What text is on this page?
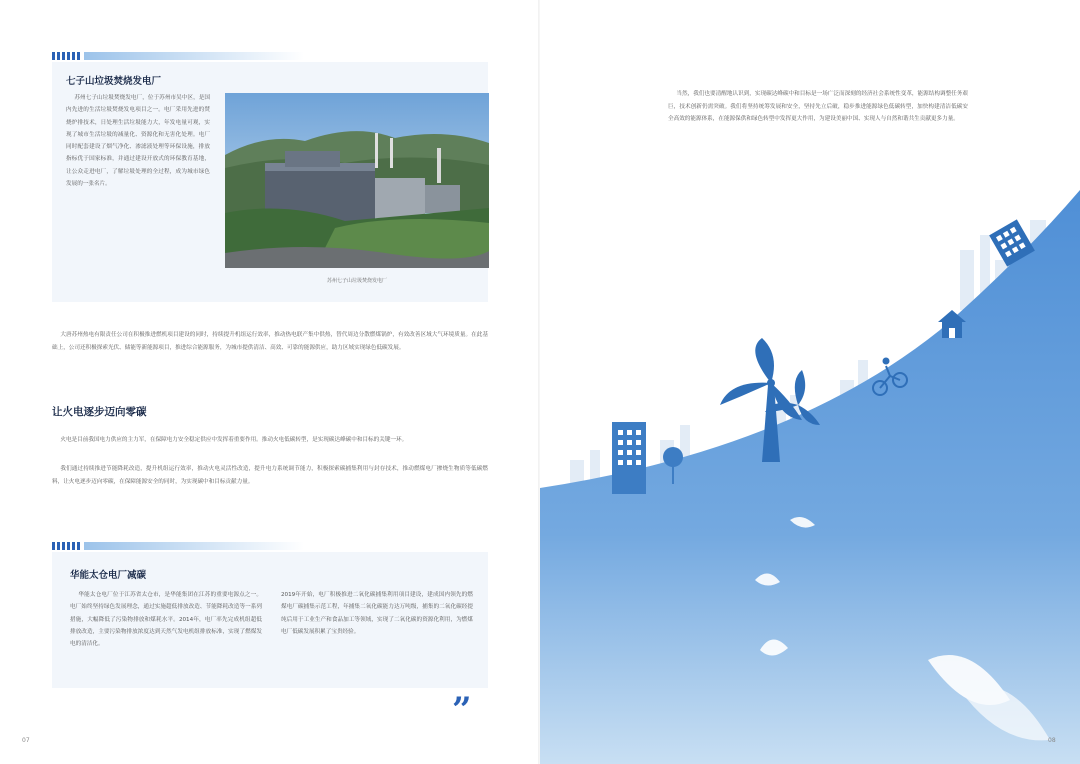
七子山垃圾焚烧发电厂
苏州七子山垃圾焚烧发电厂，位于苏州市吴中区，是国内先进的生活垃圾焚烧发电项目之一。电厂采用先进的焚烧炉排技术，日处理生活垃圾能力大，年发电量可观，实现了城市生活垃圾的减量化、资源化和无害化处理。电厂同时配套建设了烟气净化、渗滤液处理等环保设施，排放指标优于国家标准，并通过建设开放式的环保教育基地，让公众走进电厂，了解垃圾处理的全过程，成为城市绿色发展的一张名片。
苏州七子山垃圾焚烧发电厂
大唐苏州热电有限责任公司在积极推进燃机项目建设的同时，持续提升机组运行效率，推动热电联产集中供热，替代周边分散燃煤锅炉，有效改善区域大气环境质量。在此基础上，公司还积极探索光伏、储能等新能源项目，推进综合能源服务，为城市提供清洁、高效、可靠的能源供应，助力区域实现绿色低碳发展。
让火电逐步迈向零碳
火电是目前我国电力供应的主力军，在保障电力安全稳定供应中发挥着重要作用。推动火电低碳转型，是实现碳达峰碳中和目标的关键一环。
我们通过持续推进节能降耗改造，提升机组运行效率，推动火电灵活性改造，提升电力系统调节能力，积极探索碳捕集利用与封存技术，推动燃煤电厂掺烧生物质等低碳燃料，让火电逐步迈向零碳，在保障能源安全的同时，为实现碳中和目标贡献力量。
华能太仓电厂减碳
华能太仓电厂位于江苏省太仓市，是华能集团在江苏的重要电源点之一。电厂始终坚持绿色发展理念，通过实施超低排放改造、节能降耗改造等一系列措施，大幅降低了污染物排放和煤耗水平。2014年，电厂率先完成机组超低排放改造，主要污染物排放浓度达到天然气发电机组排放标准，实现了燃煤发电的清洁化。
2019年开始，电厂积极推进二氧化碳捕集利用项目建设，建成国内领先的燃煤电厂碳捕集示范工程，年捕集二氧化碳能力达万吨级，捕集的二氧化碳经提纯后用于工业生产和食品加工等领域，实现了二氧化碳的资源化利用，为燃煤电厂低碳发展积累了宝贵经验。
”
07
当然，我们也要清醒地认识到，实现碳达峰碳中和目标是一场广泛而深刻的经济社会系统性变革，能源结构调整任务艰巨，技术创新仍需突破。我们将坚持统筹发展和安全，坚持先立后破，稳步推进能源绿色低碳转型，加快构建清洁低碳安全高效的能源体系，在能源保供和绿色转型中发挥更大作用，为建设美丽中国、实现人与自然和谐共生贡献更多力量。
08
